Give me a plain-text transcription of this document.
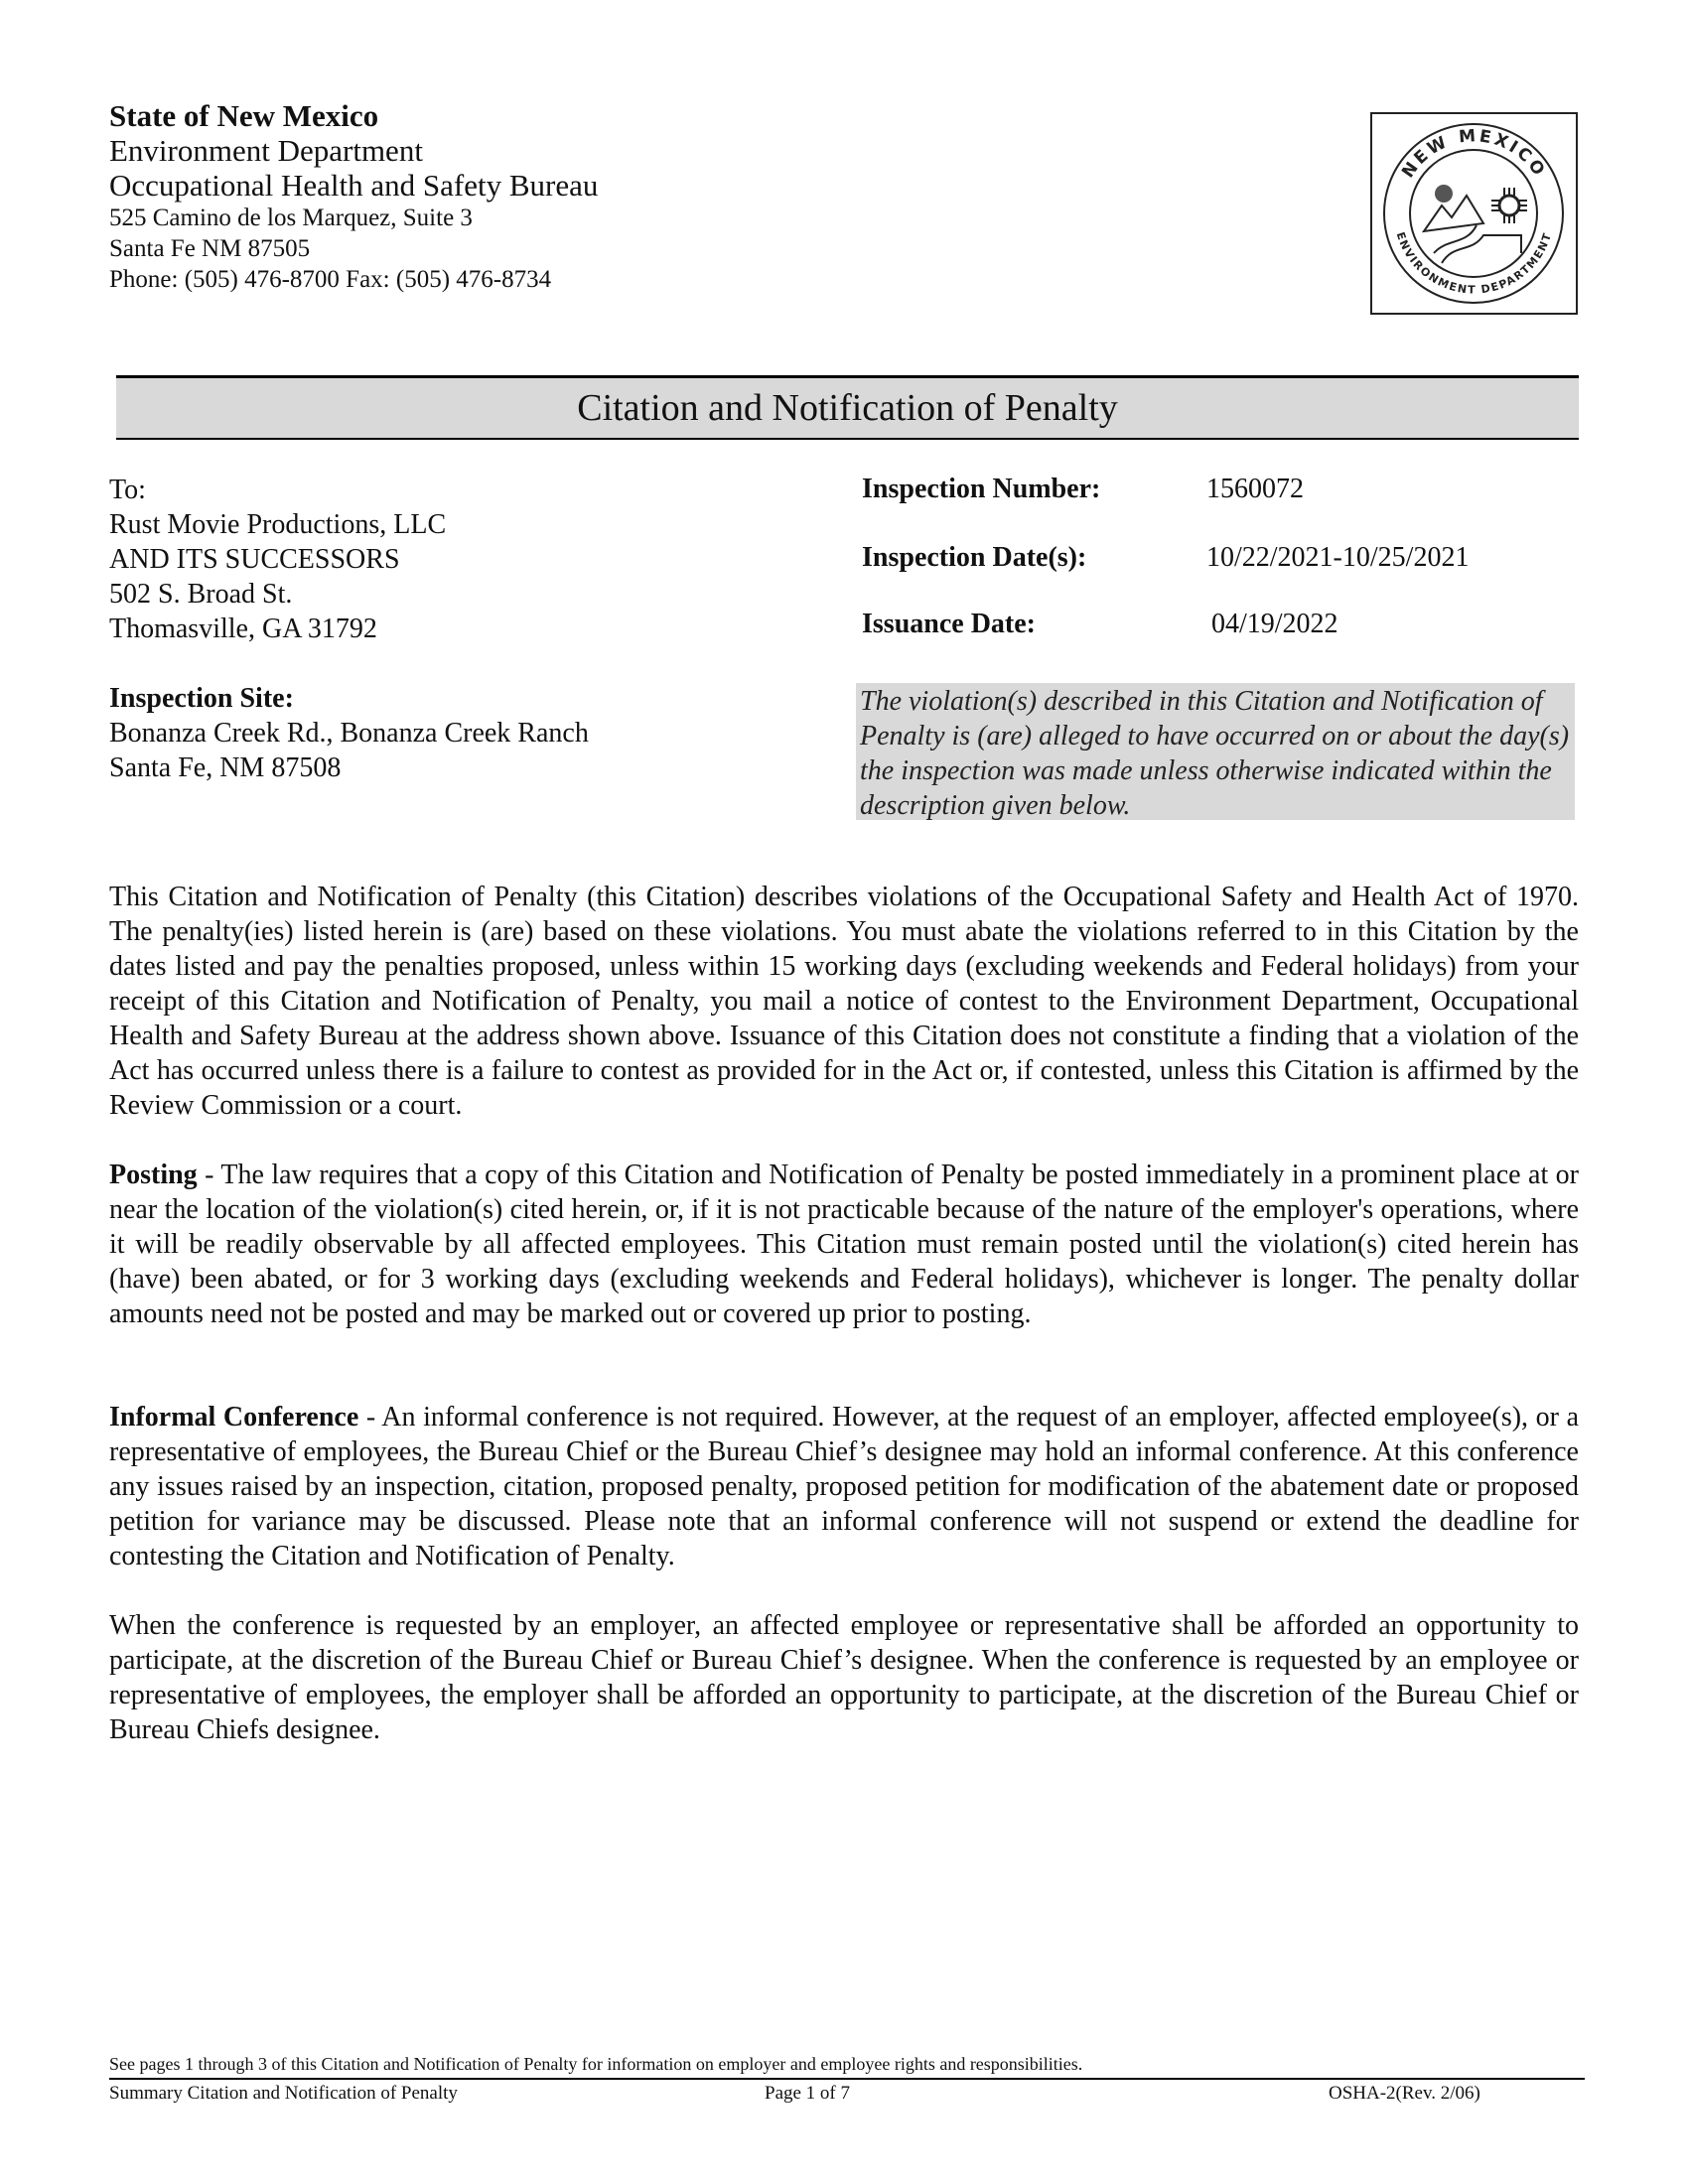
State of New Mexico
Environment Department
Occupational Health and Safety Bureau
525 Camino de los Marquez, Suite 3
Santa Fe NM 87505
Phone: (505) 476-8700 Fax: (505) 476-8734
NEW MEXICO
ENVIRONMENT DEPARTMENT
Citation and Notification of Penalty
To:
Rust Movie Productions, LLC
AND ITS SUCCESSORS
502 S. Broad St.
Thomasville, GA 31792
Inspection Site:
Bonanza Creek Rd., Bonanza Creek Ranch
Santa Fe, NM 87508
Inspection Number:	1560072
Inspection Date(s):	10/22/2021-10/25/2021
Issuance Date:	04/19/2022
The violation(s) described in this Citation and Notification of Penalty is (are) alleged to have occurred on or about the day(s) the inspection was made unless otherwise indicated within the description given below.
This Citation and Notification of Penalty (this Citation) describes violations of the Occupational Safety and Health Act of 1970. The penalty(ies) listed herein is (are) based on these violations. You must abate the violations referred to in this Citation by the dates listed and pay the penalties proposed, unless within 15 working days (excluding weekends and Federal holidays) from your receipt of this Citation and Notification of Penalty, you mail a notice of contest to the Environment Department, Occupational Health and Safety Bureau at the address shown above. Issuance of this Citation does not constitute a finding that a violation of the Act has occurred unless there is a failure to contest as provided for in the Act or, if contested, unless this Citation is affirmed by the Review Commission or a court.
Posting - The law requires that a copy of this Citation and Notification of Penalty be posted immediately in a prominent place at or near the location of the violation(s) cited herein, or, if it is not practicable because of the nature of the employer's operations, where it will be readily observable by all affected employees. This Citation must remain posted until the violation(s) cited herein has (have) been abated, or for 3 working days (excluding weekends and Federal holidays), whichever is longer. The penalty dollar amounts need not be posted and may be marked out or covered up prior to posting.
Informal Conference - An informal conference is not required. However, at the request of an employer, affected employee(s), or a representative of employees, the Bureau Chief or the Bureau Chief’s designee may hold an informal conference. At this conference any issues raised by an inspection, citation, proposed penalty, proposed petition for modification of the abatement date or proposed petition for variance may be discussed. Please note that an informal conference will not suspend or extend the deadline for contesting the Citation and Notification of Penalty.
When the conference is requested by an employer, an affected employee or representative shall be afforded an opportunity to participate, at the discretion of the Bureau Chief or Bureau Chief’s designee. When the conference is requested by an employee or representative of employees, the employer shall be afforded an opportunity to participate, at the discretion of the Bureau Chief or Bureau Chiefs designee.
See pages 1 through 3 of this Citation and Notification of Penalty for information on employer and employee rights and responsibilities.
Summary Citation and Notification of Penalty	Page 1 of 7	OSHA-2(Rev. 2/06)
